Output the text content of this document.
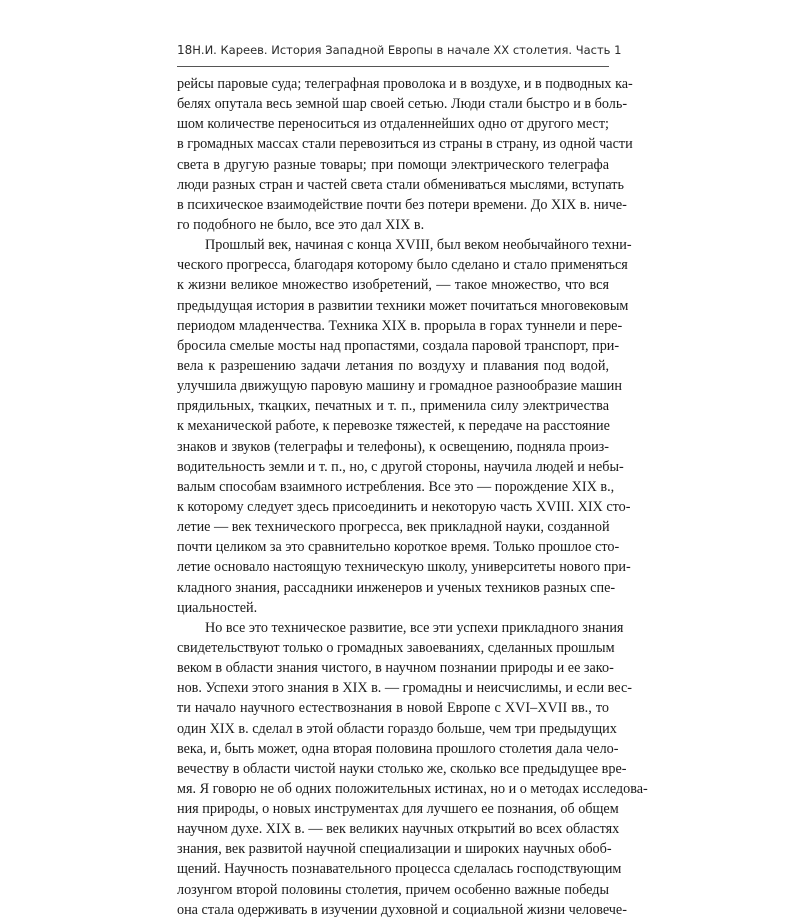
18 Н.И. Кареев. История Западной Европы в начале XX столетия. Часть 1
рейсы паровые суда; телеграфная проволока и в воздухе, и в подводных ка-
белях опутала весь земной шар своей сетью. Люди стали быстро и в боль-
шом количестве переноситься из отдаленнейших одно от другого мест;
в громадных массах стали перевозиться из страны в страну, из одной части
света в другую разные товары; при помощи электрического телеграфа
люди разных стран и частей света стали обмениваться мыслями, вступать
в психическое взаимодействие почти без потери времени. До XIX в. ниче-
го подобного не было, все это дал XIX в.
Прошлый век, начиная с конца XVIII, был веком необычайного техни-
ческого прогресса, благодаря которому было сделано и стало применяться
к жизни великое множество изобретений, — такое множество, что вся
предыдущая история в развитии техники может почитаться многовековым
периодом младенчества. Техника XIX в. прорыла в горах туннели и пере-
бросила смелые мосты над пропастями, создала паровой транспорт, при-
вела к разрешению задачи летания по воздуху и плавания под водой,
улучшила движущую паровую машину и громадное разнообразие машин
прядильных, ткацких, печатных и т. п., применила силу электричества
к механической работе, к перевозке тяжестей, к передаче на расстояние
знаков и звуков (телеграфы и телефоны), к освещению, подняла произ-
водительность земли и т. п., но, с другой стороны, научила людей и небы-
валым способам взаимного истребления. Все это — порождение XIX в.,
к которому следует здесь присоединить и некоторую часть XVIII. XIX сто-
летие — век технического прогресса, век прикладной науки, созданной
почти целиком за это сравнительно короткое время. Только прошлое сто-
летие основало настоящую техническую школу, университеты нового при-
кладного знания, рассадники инженеров и ученых техников разных спе-
циальностей.
Но все это техническое развитие, все эти успехи прикладного знания
свидетельствуют только о громадных завоеваниях, сделанных прошлым
веком в области знания чистого, в научном познании природы и ее зако-
нов. Успехи этого знания в XIX в. — громадны и неисчислимы, и если вес-
ти начало научного естествознания в новой Европе с XVI–XVII вв., то
один XIX в. сделал в этой области гораздо больше, чем три предыдущих
века, и, быть может, одна вторая половина прошлого столетия дала чело-
вечеству в области чистой науки столько же, сколько все предыдущее вре-
мя. Я говорю не об одних положительных истинах, но и о методах исследова-
ния природы, о новых инструментах для лучшего ее познания, об общем
научном духе. XIX в. — век великих научных открытий во всех областях
знания, век развитой научной специализации и широких научных обоб-
щений. Научность познавательного процесса сделалась господствующим
лозунгом второй половины столетия, причем особенно важные победы
она стала одерживать в изучении духовной и социальной жизни человече-
